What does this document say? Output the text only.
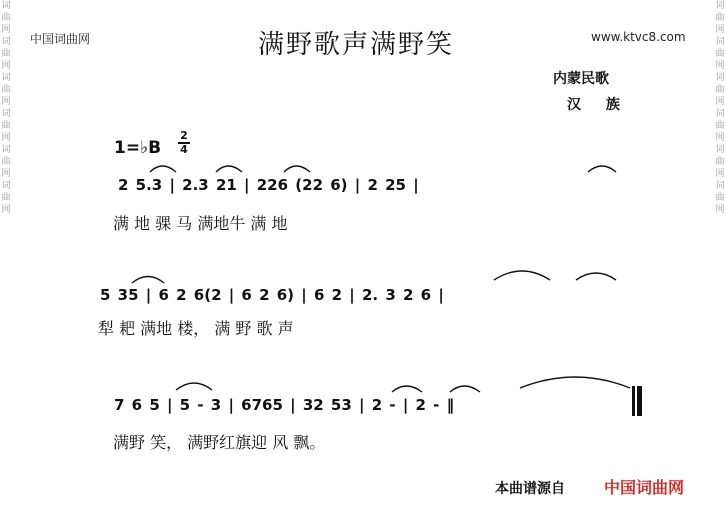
词曲网词曲网词曲网词曲网词曲网词曲网
词曲网词曲网词曲网词曲网词曲网词曲网
中国词曲网	www.ktvc8.com
满野歌声满野笑
内蒙民歌
汉 族
1=♭B
2
4
2 5.3 | 2.3 21 | 226 (22 6) | 2 25 |
满 地 骒 马 满地牛 满 地
5 35 | 6 2 6(2 | 6 2 6) | 6 2 | 2. 3 2 6 |
犁 耙 满地 楼， 满 野 歌 声
7 6 5 | 5 - 3 | 6765 | 32 53 | 2 - | 2 - ‖
满野 笑， 满野红旗迎 风 飘。
本曲谱源自 中国词曲网
